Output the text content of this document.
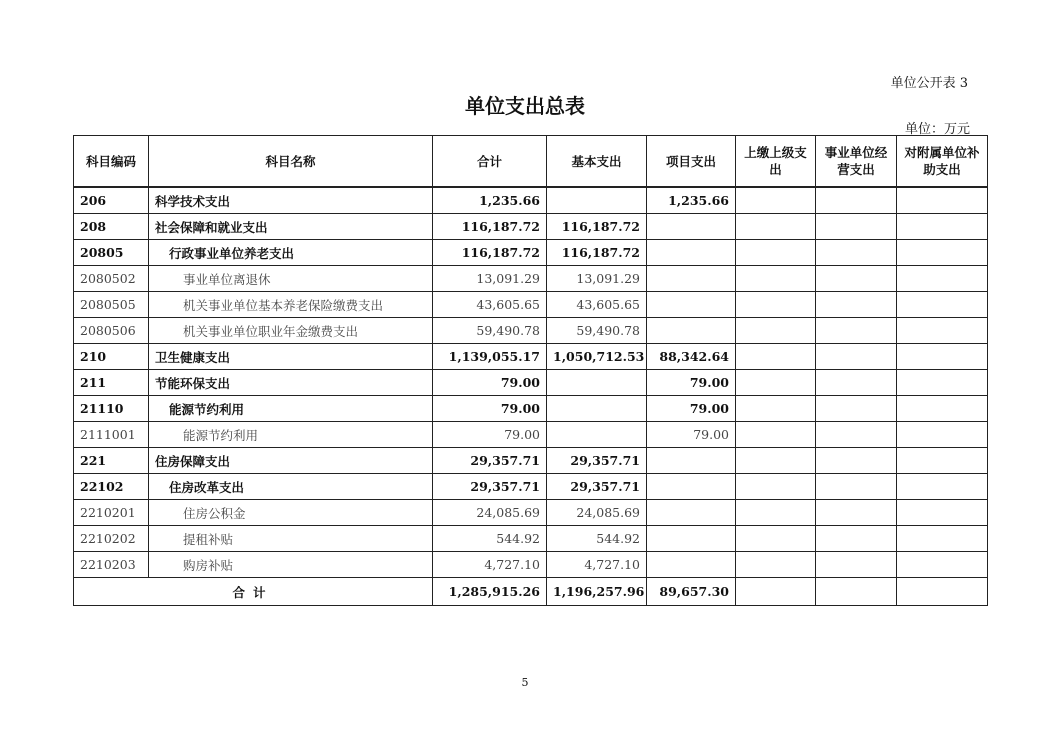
单位公开表 3
单位支出总表
单位：万元
科目编码	科目名称	合计	基本支出	项目支出	上缴上级支出	事业单位经营支出	对附属单位补助支出
206	科学技术支出	1,235.66		1,235.66			
208	社会保障和就业支出	116,187.72	116,187.72				
20805	行政事业单位养老支出	116,187.72	116,187.72				
2080502	事业单位离退休	13,091.29	13,091.29				
2080505	机关事业单位基本养老保险缴费支出	43,605.65	43,605.65				
2080506	机关事业单位职业年金缴费支出	59,490.78	59,490.78				
210	卫生健康支出	1,139,055.17	1,050,712.53	88,342.64			
211	节能环保支出	79.00		79.00			
21110	能源节约利用	79.00		79.00			
2111001	能源节约利用	79.00		79.00			
221	住房保障支出	29,357.71	29,357.71				
22102	住房改革支出	29,357.71	29,357.71				
2210201	住房公积金	24,085.69	24,085.69				
2210202	提租补贴	544.92	544.92				
2210203	购房补贴	4,727.10	4,727.10				
合计		1,285,915.26	1,196,257.96	89,657.30			
5
